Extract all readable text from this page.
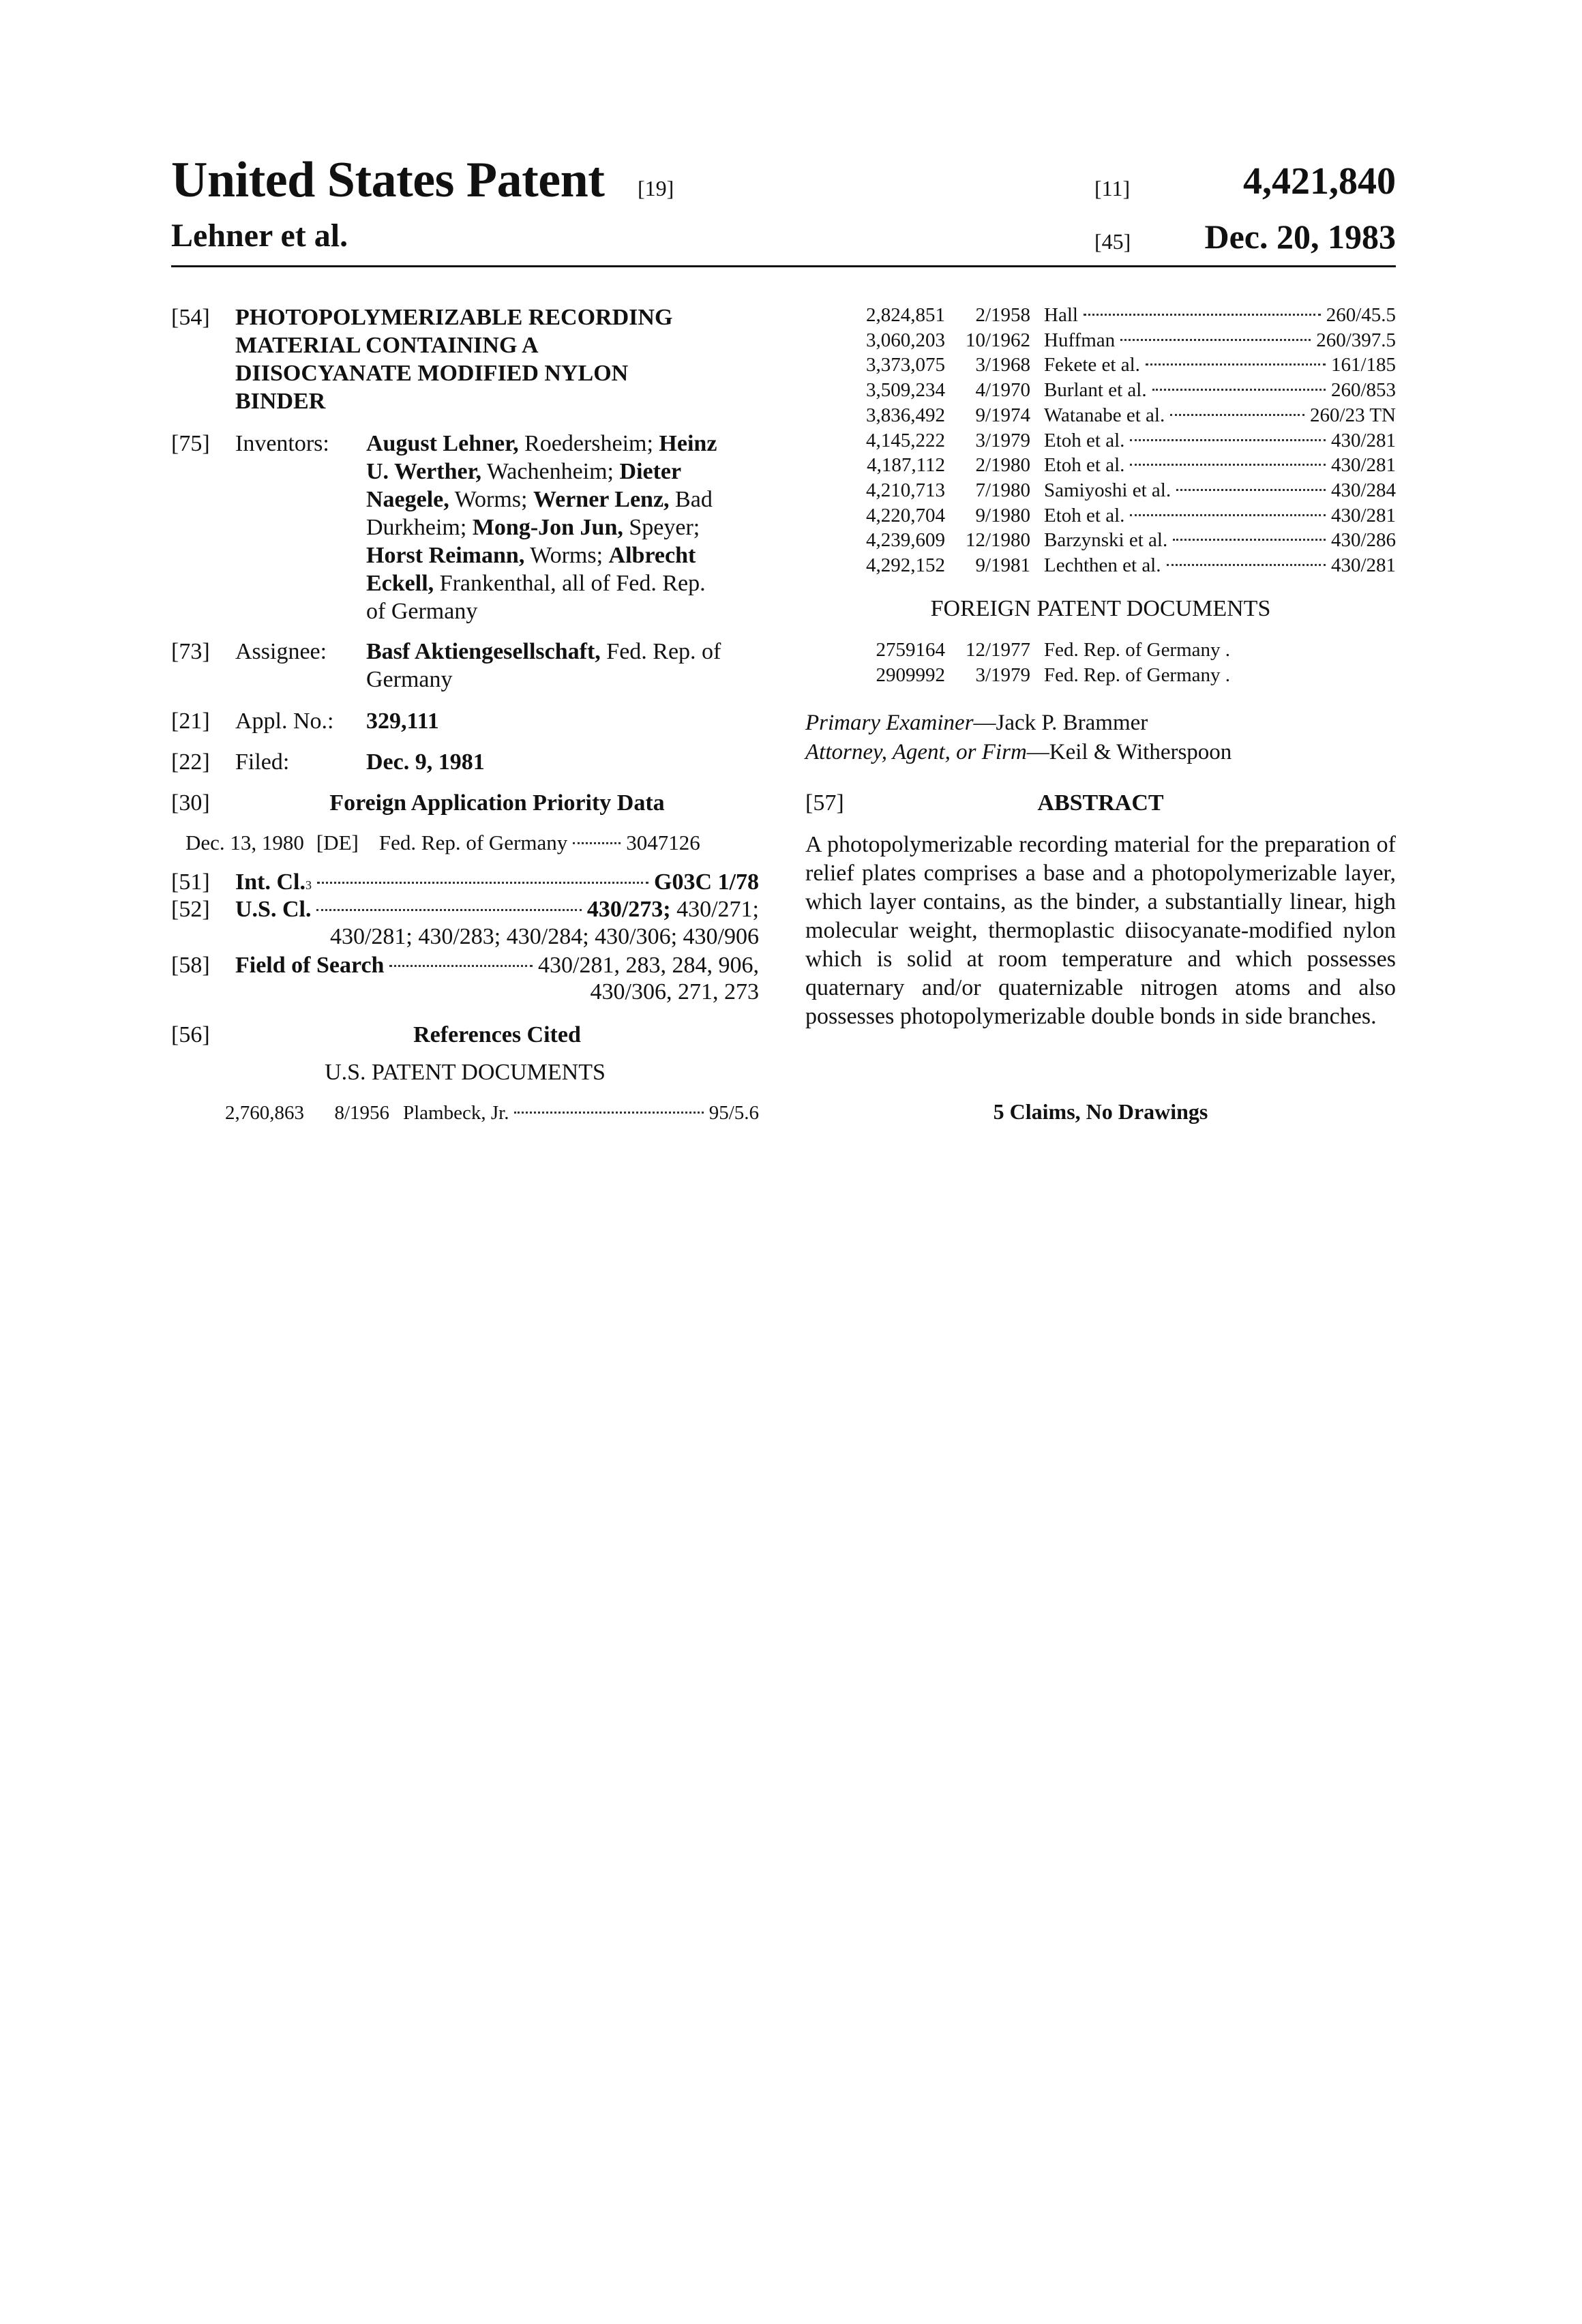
United States Patent [19]	[11]	4,421,840
Lehner et al.	[45] Dec. 20, 1983
[54] PHOTOPOLYMERIZABLE RECORDING
MATERIAL CONTAINING A
DIISOCYANATE MODIFIED NYLON
BINDER
[75] Inventors: August Lehner, Roedersheim; Heinz
U. Werther, Wachenheim; Dieter
Naegele, Worms; Werner Lenz, Bad
Durkheim; Mong-Jon Jun, Speyer;
Horst Reimann, Worms; Albrecht
Eckell, Frankenthal, all of Fed. Rep.
of Germany
[73] Assignee: Basf Aktiengesellschaft, Fed. Rep. of
Germany
[21] Appl. No.: 329,111
[22] Filed:	Dec. 9, 1981
[30]	Foreign Application Priority Data
Dec. 13, 1980 [DE] Fed. Rep. of Germany	3047126
[51] Int. Cl. 3	G03C 1/78
[52] U.S. Cl.	430/273; 430/271;
430/281; 430/283; 430/284; 430/306; 430/906
[58] Field of Search	430/281, 283, 284, 906,
430/306, 271, 273
[56]	References Cited
U.S. PATENT DOCUMENTS
2,760,863	8/1956 Plambeck, Jr.	95/5.6
2,824,851	2/1958 Hall	260/45.5
3,060,203	10/1962 Huffman	260/397.5
3,373,075	3/1968 Fekete et al.	161/185
3,509,234	4/1970 Burlant et al.	260/853
3,836,492	9/1974 Watanabe et al.	260/23 TN
4,145,222	3/1979 Etoh et al.	430/281
4,187,112	2/1980 Etoh et al.	430/281
4,210,713	7/1980 Samiyoshi et al.	430/284
4,220,704	9/1980 Etoh et al.	430/281
4,239,609	12/1980 Barzynski et al.	430/286
4,292,152	9/1981 Lechthen et al.	430/281
FOREIGN PATENT DOCUMENTS
2759164	12/1977 Fed. Rep. of Germany .
2909992	3/1979 Fed. Rep. of Germany .
Primary Examiner—Jack P. Brammer
Attorney, Agent, or Firm—Keil & Witherspoon
[57]	ABSTRACT
A photopolymerizable recording material for the preparation of relief plates comprises a base and a photopolymerizable layer, which layer contains, as the binder, a substantially linear, high molecular weight, thermoplastic diisocyanate-modified nylon which is solid at room temperature and which possesses quaternary and/or quaternizable nitrogen atoms and also possesses photopolymerizable double bonds in side branches.
5 Claims, No Drawings
